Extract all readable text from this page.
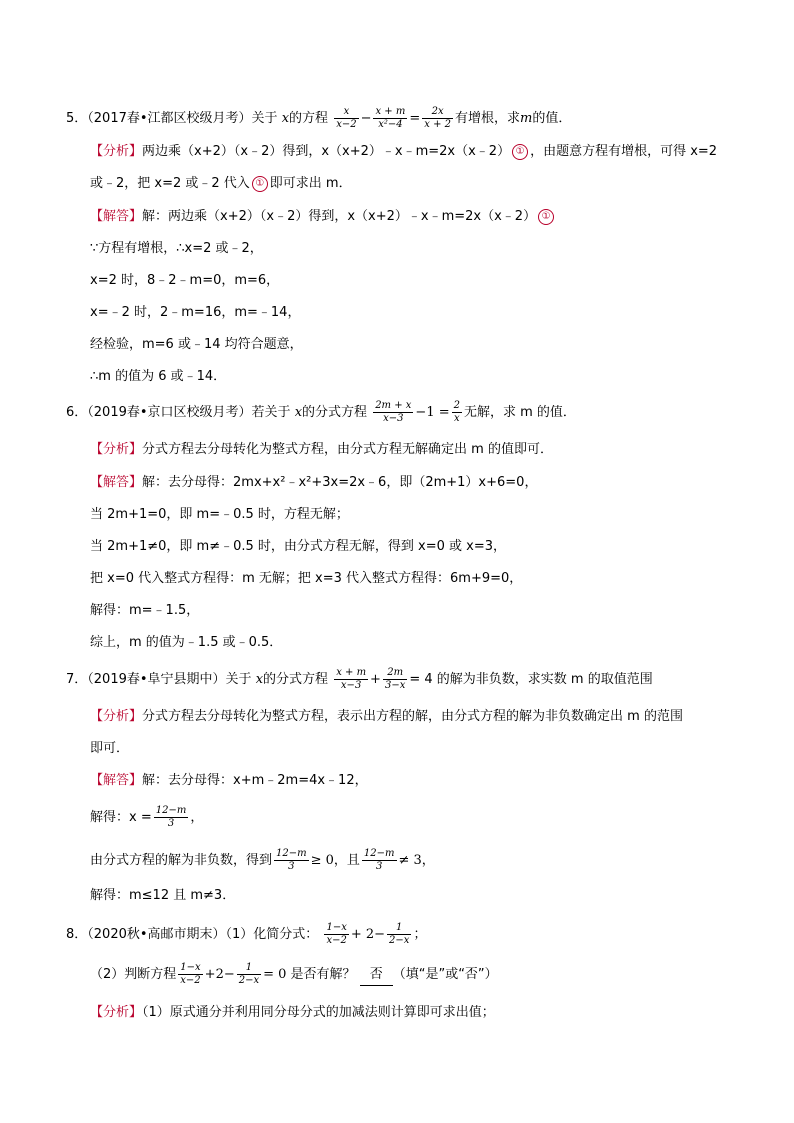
5．（2017春•江都区校级月考）关于 x的方程 $\frac{x}{x-2} - \frac{x + m}{\text{x²−4}} = \frac{2x}{x + 2}$ 有增根，求m的值．
【分析】两边乘（x+2）（x﹣2）得到，x（x+2）﹣x﹣m=2x（x﹣2） ① ，由题意方程有增根，可得 x=2
或﹣2，把 x=2 或﹣2 代入 ① 即可求出 m．
【解答】解：两边乘（x+2）（x﹣2）得到，x（x+2）﹣x﹣m=2x（x﹣2） ①
∵方程有增根，∴x=2 或﹣2，
x=2 时，8﹣2﹣m=0，m=6，
x=﹣2 时，2﹣m=16，m=﹣14，
经检验，m=6 或﹣14 均符合题意，
∴m 的值为 6 或﹣14．
6．（2019春•京口区校级月考）若关于 x的分式方程 $\frac{2m + x}{x-3} -1 = \frac{2}{x}$ 无解，求 m 的值．
【分析】分式方程去分母转化为整式方程，由分式方程无解确定出 m 的值即可．
【解答】解：去分母得：2mx+x²﹣x²+3x=2x﹣6，即（2m+1）x+6=0，
当 2m+1=0，即 m=﹣0.5 时，方程无解；
当 2m+1≠0，即 m≠﹣0.5 时，由分式方程无解，得到 x=0 或 x=3，
把 x=0 代入整式方程得：m 无解；把 x=3 代入整式方程得：6m+9=0，
解得：m=﹣1.5，
综上，m 的值为﹣1.5 或﹣0.5．
7．（2019春•阜宁县期中）关于 x的分式方程 $\frac{x + m}{x-3} + \frac{2m}{3-x} = 4$ 的解为非负数，求实数 m 的取值范围
【分析】分式方程去分母转化为整式方程，表示出方程的解，由分式方程的解为非负数确定出 m 的范围
即可．
【解答】解：去分母得：x+m﹣2m=4x﹣12，
解得：$x = \frac{12-m}{3}$ ，
由分式方程的解为非负数，得到 $\frac{12-m}{3} \ge 0$，且 $\frac{12-m}{3} \ne 3$，
解得：m≤12 且 m≠3．
8．（2020秋•高邮市期末）（1）化简分式： $\frac{1-x}{x-2} + 2- \frac{1}{2-x}$ ；
（2）判断方程 $\frac{1-x}{x-2} +2- \frac{1}{2-x} = 0$ 是否有解？ 否 （填“是”或“否”）
【分析】（1）原式通分并利用同分母分式的加减法则计算即可求出值；
